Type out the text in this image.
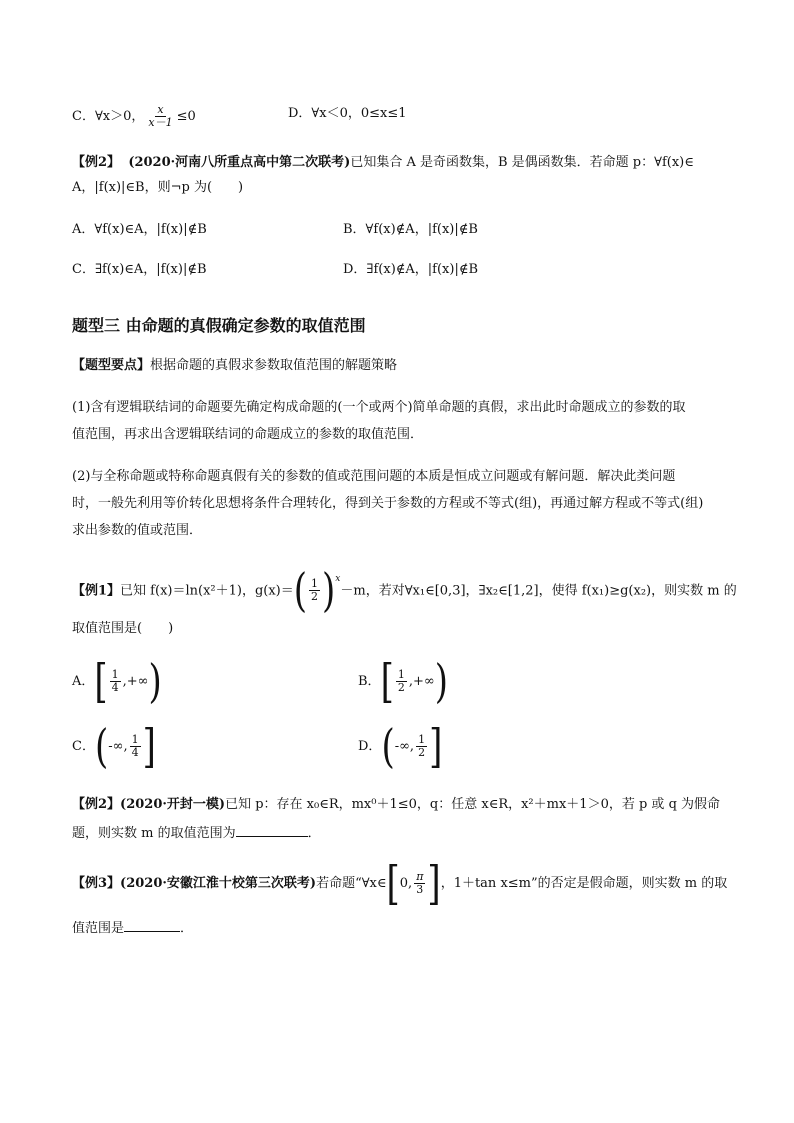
C．∀x＞0， $\frac{x}{x-1} \le 0$	D．∀x＜0，0≤x≤1
【例2】 (2020·河南八所重点高中第二次联考)已知集合 A 是奇函数集，B 是偶函数集．若命题 p：∀f(x)∈
A，|f(x)|∈B，则¬p 为(　　)
A．∀f(x)∈A，|f(x)|∉B	B．∀f(x)∉A，|f(x)|∉B
C．∃f(x)∈A，|f(x)|∉B	D．∃f(x)∉A，|f(x)|∉B
题型三 由命题的真假确定参数的取值范围
【题型要点】根据命题的真假求参数取值范围的解题策略
(1)含有逻辑联结词的命题要先确定构成命题的(一个或两个)简单命题的真假，求出此时命题成立的参数的取
值范围，再求出含逻辑联结词的命题成立的参数的取值范围．
(2)与全称命题或特称命题真假有关的参数的值或范围问题的本质是恒成立问题或有解问题．解决此类问题
时，一般先利用等价转化思想将条件合理转化，得到关于参数的方程或不等式(组)，再通过解方程或不等式(组)
求出参数的值或范围．
【例1】已知 f(x)＝ln(x²＋1)，$g(x)=( \frac{1}{2} )^x-m$，若对∀x₁∈[0,3]，∃x₂∈[1,2]，使得 f(x₁)≥g(x₂)，则实数 m 的
取值范围是(　　)
A．[ $\frac{1}{4}$ ,+∞)	B．[ $\frac{1}{2}$ ,+∞)
C．(-∞, $\frac{1}{4}$ ]	D．(-∞, $\frac{1}{2}$ ]
【例2】(2020·开封一模)已知 p：存在 x₀∈R，mx⁰＋1≤0，q：任意 x∈R，x²＋mx＋1＞0，若 p 或 q 为假命
题，则实数 m 的取值范围为	．
【例3】(2020·安徽江淮十校第三次联考)若命题“∀x∈[0, $\frac{\pi}{3}$ ]，1＋tan x≤m”的否定是假命题，则实数 m 的取
值范围是	．
